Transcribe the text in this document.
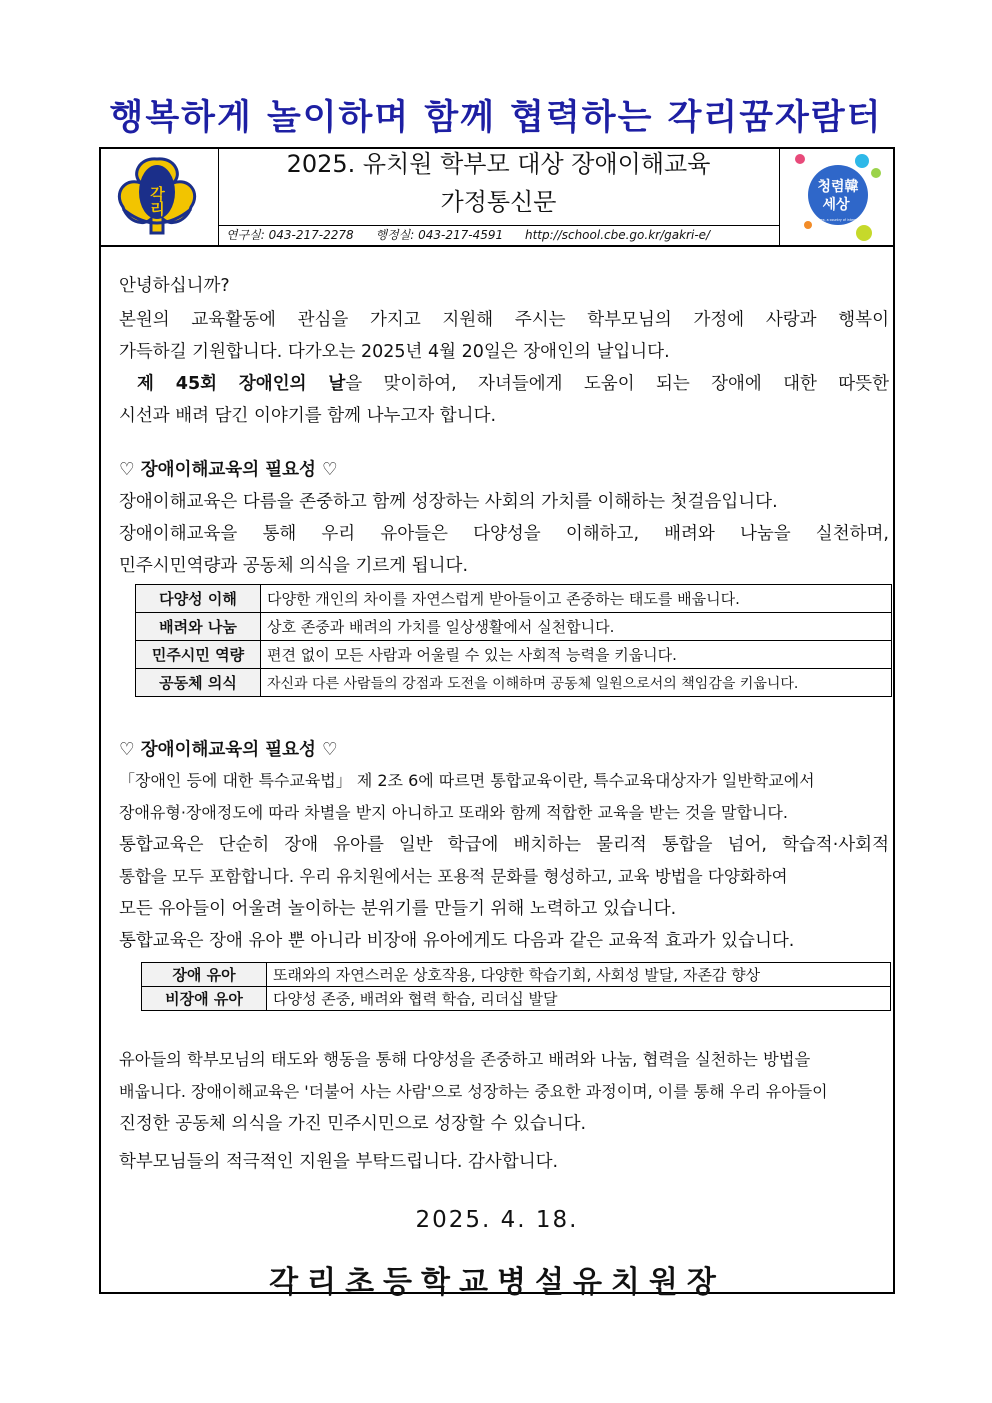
행복하게 놀이하며 함께 협력하는 각리꿈자람터
각리
2025. 유치원 학부모 대상 장애이해교육
가정통신문
연구실: 043-217-2278 행정실: 043-217-4591 http://school.cbe.go.kr/gakri-e/
청렴韓
세상
Korea, a country of integrity
안녕하십니까?
본원의 교육활동에 관심을 가지고 지원해 주시는 학부모님의 가정에 사랑과 행복이
가득하길 기원합니다. 다가오는 2025년 4월 20일은 장애인의 날입니다.
제 45회 장애인의 날을 맞이하여, 자녀들에게 도움이 되는 장애에 대한 따뜻한
시선과 배려 담긴 이야기를 함께 나누고자 합니다.
♡ 장애이해교육의 필요성 ♡
장애이해교육은 다름을 존중하고 함께 성장하는 사회의 가치를 이해하는 첫걸음입니다.
장애이해교육을 통해 우리 유아들은 다양성을 이해하고, 배려와 나눔을 실천하며,
민주시민역량과 공동체 의식을 기르게 됩니다.
다양성 이해	다양한 개인의 차이를 자연스럽게 받아들이고 존중하는 태도를 배웁니다.
배려와 나눔	상호 존중과 배려의 가치를 일상생활에서 실천합니다.
민주시민 역량	편견 없이 모든 사람과 어울릴 수 있는 사회적 능력을 키웁니다.
공동체 의식	자신과 다른 사람들의 강점과 도전을 이해하며 공동체 일원으로서의 책임감을 키웁니다.
♡ 장애이해교육의 필요성 ♡
「장애인 등에 대한 특수교육법」 제 2조 6에 따르면 통합교육이란, 특수교육대상자가 일반학교에서
장애유형·장애정도에 따라 차별을 받지 아니하고 또래와 함께 적합한 교육을 받는 것을 말합니다.
통합교육은 단순히 장애 유아를 일반 학급에 배치하는 물리적 통합을 넘어, 학습적·사회적
통합을 모두 포함합니다. 우리 유치원에서는 포용적 문화를 형성하고, 교육 방법을 다양화하여
모든 유아들이 어울려 놀이하는 분위기를 만들기 위해 노력하고 있습니다.
통합교육은 장애 유아 뿐 아니라 비장애 유아에게도 다음과 같은 교육적 효과가 있습니다.
장애 유아	또래와의 자연스러운 상호작용, 다양한 학습기회, 사회성 발달, 자존감 향상
비장애 유아	다양성 존중, 배려와 협력 학습, 리더십 발달
유아들의 학부모님의 태도와 행동을 통해 다양성을 존중하고 배려와 나눔, 협력을 실천하는 방법을
배웁니다. 장애이해교육은 '더불어 사는 사람'으로 성장하는 중요한 과정이며, 이를 통해 우리 유아들이
진정한 공동체 의식을 가진 민주시민으로 성장할 수 있습니다.
학부모님들의 적극적인 지원을 부탁드립니다. 감사합니다.
2025. 4. 18.
각리초등학교병설유치원장
